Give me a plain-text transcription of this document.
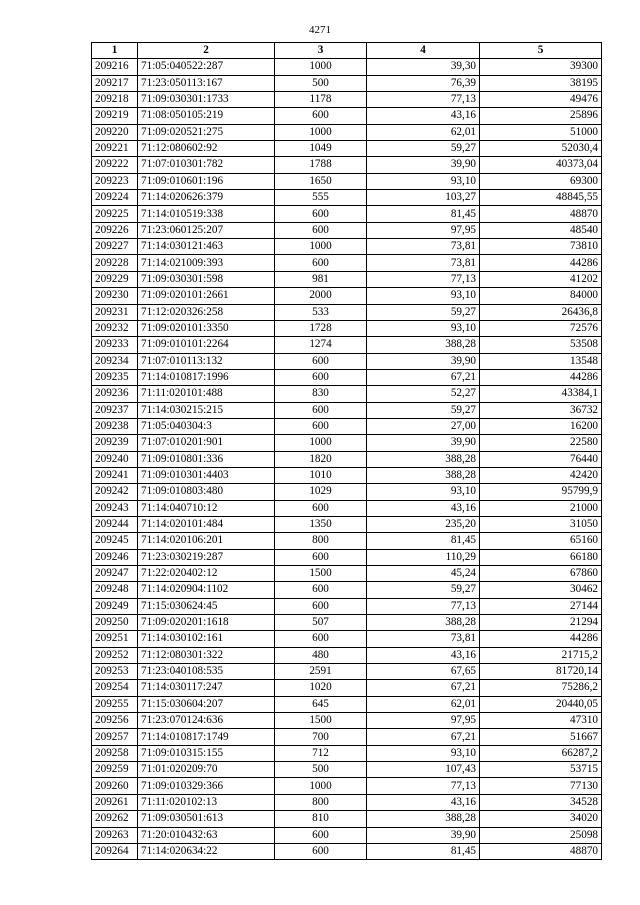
4271
1	2	3	4	5
209216	71:05:040522:287	1000	39,30	39300
209217	71:23:050113:167	500	76,39	38195
209218	71:09:030301:1733	1178	77,13	49476
209219	71:08:050105:219	600	43,16	25896
209220	71:09:020521:275	1000	62,01	51000
209221	71:12:080602:92	1049	59,27	52030,4
209222	71:07:010301:782	1788	39,90	40373,04
209223	71:09:010601:196	1650	93,10	69300
209224	71:14:020626:379	555	103,27	48845,55
209225	71:14:010519:338	600	81,45	48870
209226	71:23:060125:207	600	97,95	48540
209227	71:14:030121:463	1000	73,81	73810
209228	71:14:021009:393	600	73,81	44286
209229	71:09:030301:598	981	77,13	41202
209230	71:09:020101:2661	2000	93,10	84000
209231	71:12:020326:258	533	59,27	26436,8
209232	71:09:020101:3350	1728	93,10	72576
209233	71:09:010101:2264	1274	388,28	53508
209234	71:07:010113:132	600	39,90	13548
209235	71:14:010817:1996	600	67,21	44286
209236	71:11:020101:488	830	52,27	43384,1
209237	71:14:030215:215	600	59,27	36732
209238	71:05:040304:3	600	27,00	16200
209239	71:07:010201:901	1000	39,90	22580
209240	71:09:010801:336	1820	388,28	76440
209241	71:09:010301:4403	1010	388,28	42420
209242	71:09:010803:480	1029	93,10	95799,9
209243	71:14:040710:12	600	43,16	21000
209244	71:14:020101:484	1350	235,20	31050
209245	71:14:020106:201	800	81,45	65160
209246	71:23:030219:287	600	110,29	66180
209247	71:22:020402:12	1500	45,24	67860
209248	71:14:020904:1102	600	59,27	30462
209249	71:15:030624:45	600	77,13	27144
209250	71:09:020201:1618	507	388,28	21294
209251	71:14:030102:161	600	73,81	44286
209252	71:12:080301:322	480	43,16	21715,2
209253	71:23:040108:535	2591	67,65	81720,14
209254	71:14:030117:247	1020	67,21	75286,2
209255	71:15:030604:207	645	62,01	20440,05
209256	71:23:070124:636	1500	97,95	47310
209257	71:14:010817:1749	700	67,21	51667
209258	71:09:010315:155	712	93,10	66287,2
209259	71:01:020209:70	500	107,43	53715
209260	71:09:010329:366	1000	77,13	77130
209261	71:11:020102:13	800	43,16	34528
209262	71:09:030501:613	810	388,28	34020
209263	71:20:010432:63	600	39,90	25098
209264	71:14:020634:22	600	81,45	48870
